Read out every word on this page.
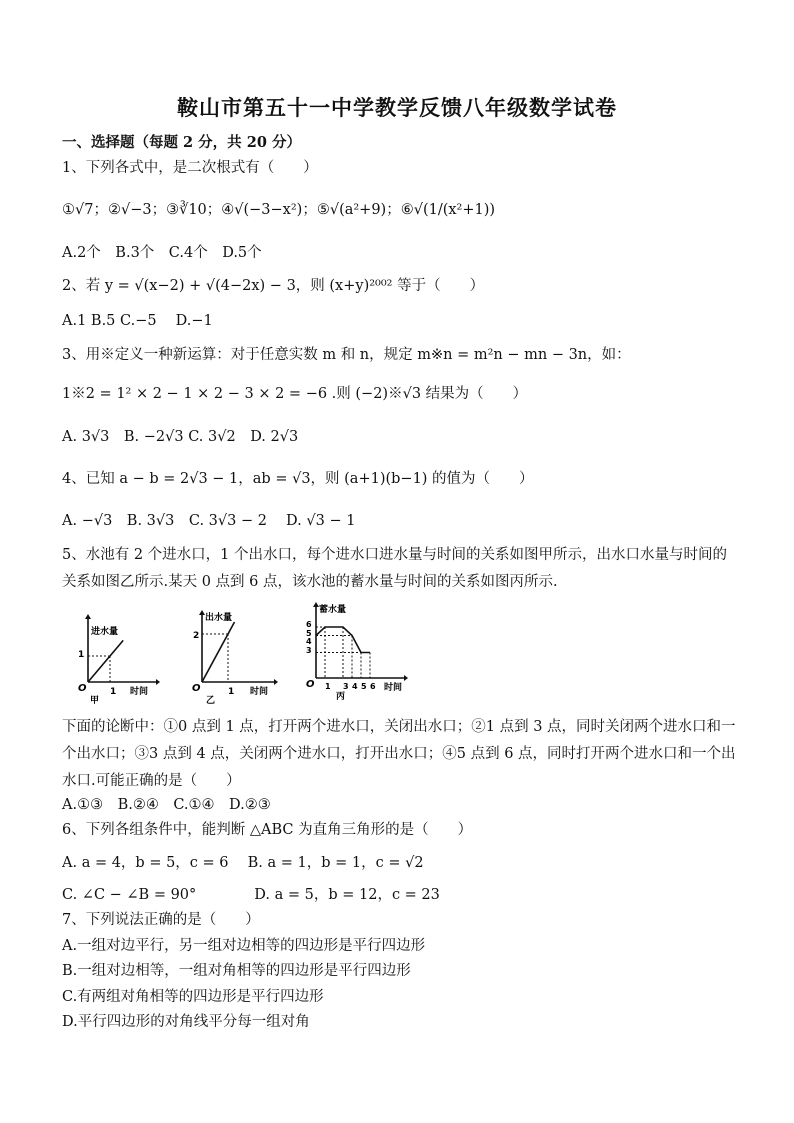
鞍山市第五十一中学教学反馈八年级数学试卷
一、选择题（每题 2 分，共 20 分）
1、下列各式中，是二次根式有（　　）
①√7；②√−3；③∛10；④√(−3−x²)；⑤√(a²+9)；⑥√(1/(x²+1))
A.2个　B.3个　C.4个　D.5个
2、若 y = √(x−2) + √(4−2x) − 3，则 (x+y)²⁰⁰² 等于（　　）
A.1 B.5 C.−5　 D.−1
3、用※定义一种新运算：对于任意实数 m 和 n，规定 m※n = m²n − mn − 3n，如：
1※2 = 1² × 2 − 1 × 2 − 3 × 2 = −6 .则 (−2)※√3 结果为（　　）
A. 3√3　B. −2√3 C. 3√2　D. 2√3
4、已知 a − b = 2√3 − 1，ab = √3，则 (a+1)(b−1) 的值为（　　）
A. −√3　B. 3√3　C. 3√3 − 2　 D. √3 − 1
5、水池有 2 个进水口，1 个出水口，每个进水口进水量与时间的关系如图甲所示，出水口水量与时间的关系如图乙所示.某天 0 点到 6 点，该水池的蓄水量与时间的关系如图丙所示.
进水量
时间
O
1
1
甲
出水量
时间
O
2
1
乙
蓄水量
时间
O
6
5
4
3
1 3 4 5 6
丙
下面的论断中：①0 点到 1 点，打开两个进水口，关闭出水口；②1 点到 3 点，同时关闭两个进水口和一个出水口；③3 点到 4 点，关闭两个进水口，打开出水口；④5 点到 6 点，同时打开两个进水口和一个出水口.可能正确的是（　　）
A.①③　B.②④　C.①④　D.②③
6、下列各组条件中，能判断 △ABC 为直角三角形的是（　　）
A. a = 4，b = 5，c = 6　 B. a = 1，b = 1，c = √2
C. ∠C − ∠B = 90°　　　　D. a = 5，b = 12，c = 23
7、下列说法正确的是（　　）
A.一组对边平行，另一组对边相等的四边形是平行四边形
B.一组对边相等，一组对角相等的四边形是平行四边形
C.有两组对角相等的四边形是平行四边形
D.平行四边形的对角线平分每一组对角
